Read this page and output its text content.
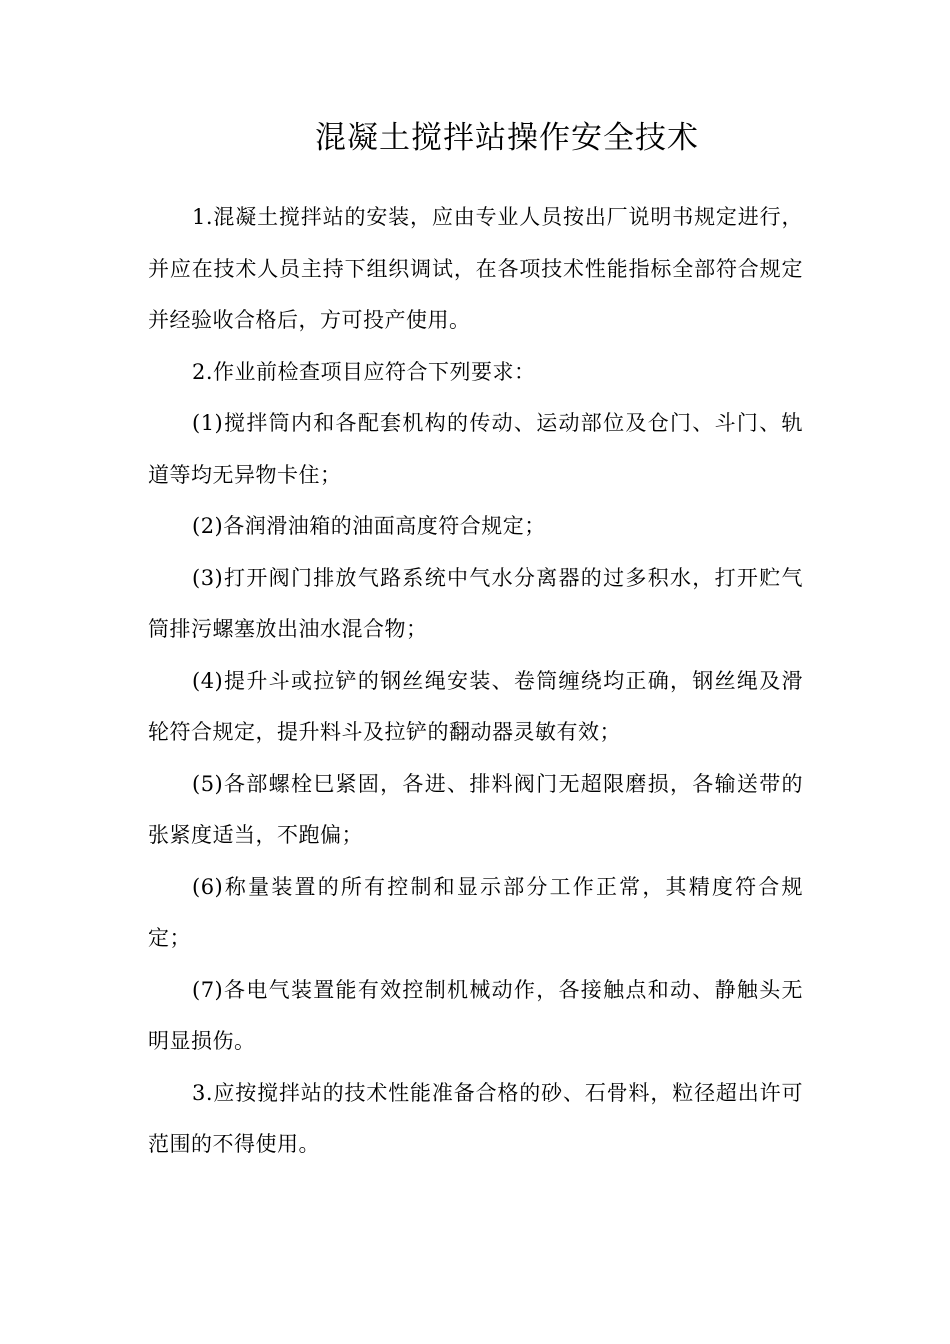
混凝土搅拌站操作安全技术

1.混凝土搅拌站的安装，应由专业人员按出厂说明书规定进行，并应在技术人员主持下组织调试，在各项技术性能指标全部符合规定并经验收合格后，方可投产使用。

2.作业前检查项目应符合下列要求：

(1)搅拌筒内和各配套机构的传动、运动部位及仓门、斗门、轨道等均无异物卡住；

(2)各润滑油箱的油面高度符合规定；

(3)打开阀门排放气路系统中气水分离器的过多积水，打开贮气筒排污螺塞放出油水混合物；

(4)提升斗或拉铲的钢丝绳安装、卷筒缠绕均正确，钢丝绳及滑轮符合规定，提升料斗及拉铲的翻动器灵敏有效；

(5)各部螺栓巳紧固，各进、排料阀门无超限磨损，各输送带的张紧度适当，不跑偏；

(6)称量装置的所有控制和显示部分工作正常，其精度符合规定；

(7)各电气装置能有效控制机械动作，各接触点和动、静触头无明显损伤。

3.应按搅拌站的技术性能准备合格的砂、石骨料，粒径超出许可范围的不得使用。
